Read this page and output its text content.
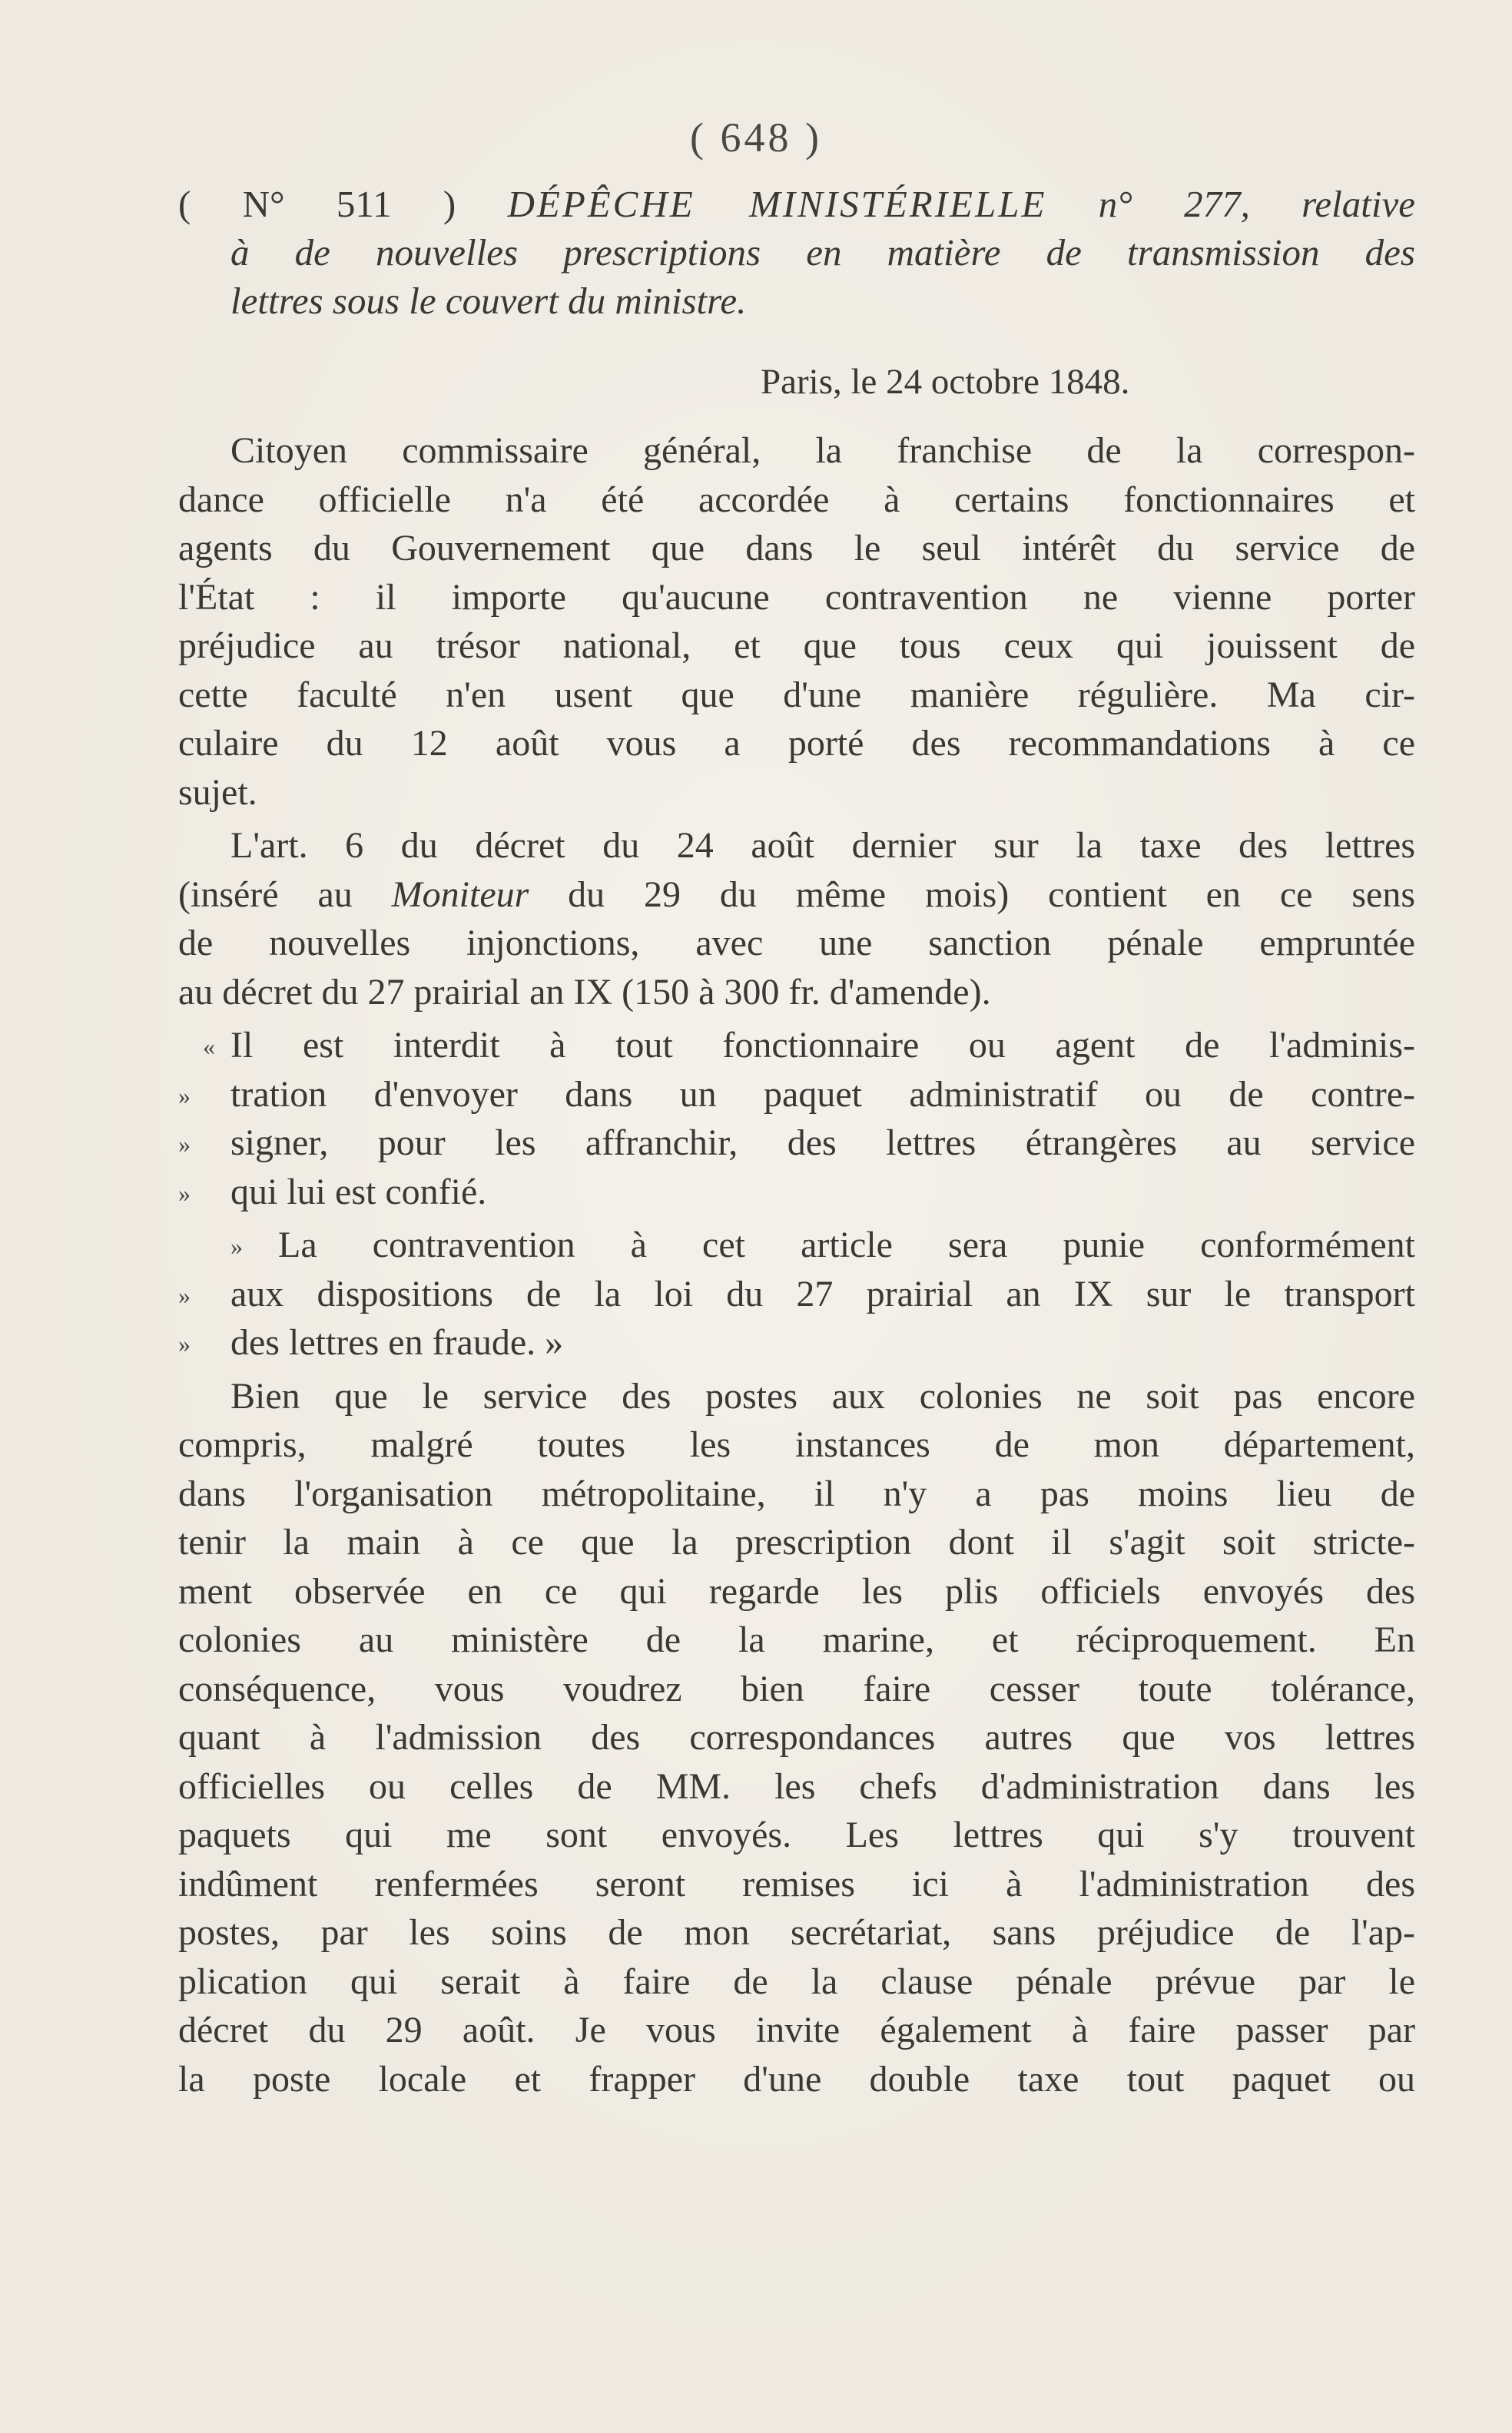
( 648 )
( N° 511 ) DÉPÊCHE MINISTÉRIELLE n° 277, relative
à de nouvelles prescriptions en matière de transmission des
lettres sous le couvert du ministre.
Paris, le 24 octobre 1848.
Citoyen commissaire général, la franchise de la correspon-
dance officielle n'a été accordée à certains fonctionnaires et
agents du Gouvernement que dans le seul intérêt du service de
l'État : il importe qu'aucune contravention ne vienne porter
préjudice au trésor national, et que tous ceux qui jouissent de
cette faculté n'en usent que d'une manière régulière. Ma cir-
culaire du 12 août vous a porté des recommandations à ce
sujet.
L'art. 6 du décret du 24 août dernier sur la taxe des lettres
(inséré au Moniteur du 29 du même mois) contient en ce sens
de nouvelles injonctions, avec une sanction pénale empruntée
au décret du 27 prairial an IX (150 à 300 fr. d'amende).
« Il est interdit à tout fonctionnaire ou agent de l'adminis-
» tration d'envoyer dans un paquet administratif ou de contre-
» signer, pour les affranchir, des lettres étrangères au service
» qui lui est confié.
» La contravention à cet article sera punie conformément
» aux dispositions de la loi du 27 prairial an IX sur le transport
» des lettres en fraude. »
Bien que le service des postes aux colonies ne soit pas encore
compris, malgré toutes les instances de mon département,
dans l'organisation métropolitaine, il n'y a pas moins lieu de
tenir la main à ce que la prescription dont il s'agit soit stricte-
ment observée en ce qui regarde les plis officiels envoyés des
colonies au ministère de la marine, et réciproquement. En
conséquence, vous voudrez bien faire cesser toute tolérance,
quant à l'admission des correspondances autres que vos lettres
officielles ou celles de MM. les chefs d'administration dans les
paquets qui me sont envoyés. Les lettres qui s'y trouvent
indûment renfermées seront remises ici à l'administration des
postes, par les soins de mon secrétariat, sans préjudice de l'ap-
plication qui serait à faire de la clause pénale prévue par le
décret du 29 août. Je vous invite également à faire passer par
la poste locale et frapper d'une double taxe tout paquet ou
